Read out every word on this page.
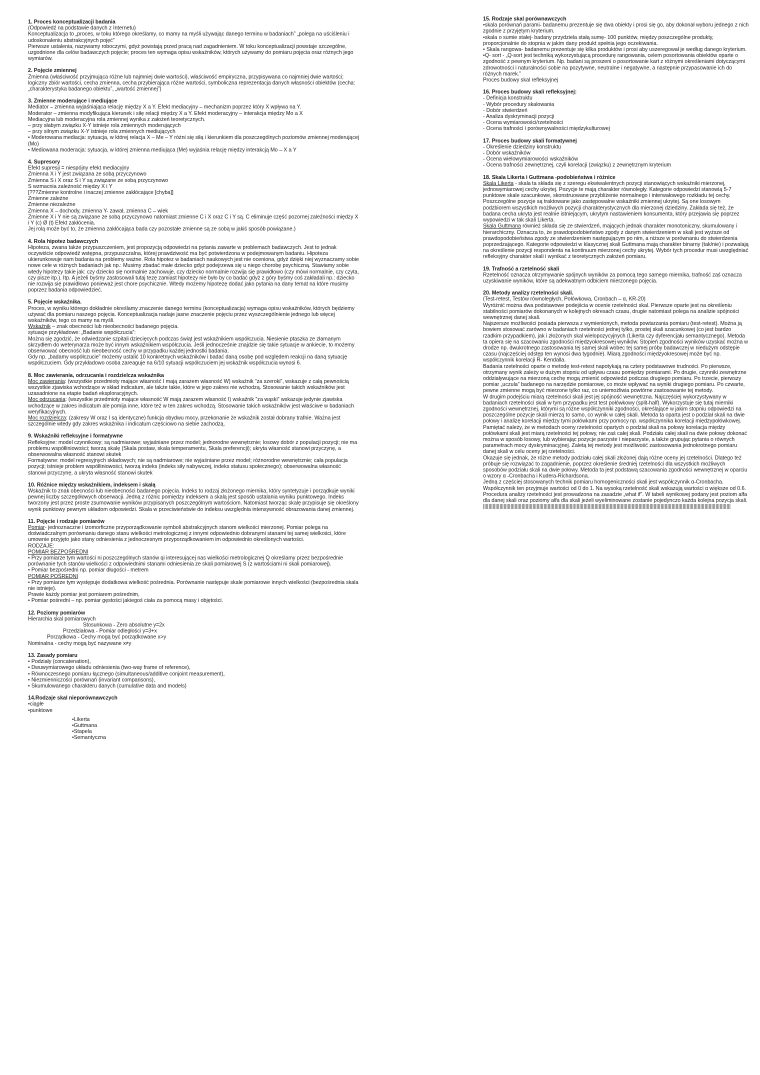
1. Proces konceptualizacji badania

(Odpowiedź na podstawie danych z Internetu)

Konceptualizacja to „proces, w toku którego określamy, co mamy na myśli używając danego terminu w badaniach” „polega na uściśleniu i udoskonaleniu abstrakcyjnych pojęć”

Pierwsze ustalenia, nazywamy roboczymi, gdyż powstają przed pracą nad zagadnieniem. W toku konceptualizacji powstaje szczególne, uzgodnione dla celów badawczych pojęcie; proces ten wymaga opisu wskaźników, których używamy do pomiaru pojęcia oraz różnych jego wymiarów.

2. Pojęcie zmiennej

Zmienna (właściwość przyjmująca różne lub najmniej dwie wartości), właściwość empiryczna, przypisywana co najmniej dwie wartości; logiczny zbiór wartości, cecha zmienna, cecha przybierająca różne wartości, symboliczna reprezentacja danych własności obiektów (cecha: „charakterystyka badanego obiektu”, „wartość zmiennej”)

3. Zmienne moderujące i mediujące

Mediator – zmienna wyjaśniająca relację między X a Y. Efekt mediacyjny – mechanizm poprzez który X wpływa na Y.

Moderator – zmienna modyfikująca kierunek i siłę relacji między X a Y. Efekt moderacyjny – interakcja między Mo a X

Mediacyjna lub moderacyjna rola zmiennej wynika z założeń teoretycznych.

– przy słabym związku X-Y istnieje rola zmiennych moderujących

– przy silnym związku X-Y istnieje rola zmiennych mediujących

• Moderowana mediacja: sytuacja, w której relacja X – Me – Y różni się siłą i kierunkiem dla poszczególnych poziomów zmiennej moderującej (Mo)

• Mediowana moderacja: sytuacja, w której zmienna mediująca (Me) wyjaśnia relację między interakcją Mo – X a Y

4. Supresory

Efekt supresji = niespójny efekt mediacyjny

Zmienna X i Y jest związana ze sobą przyczynowo

Zmienna S i X oraz S i Y są związane ze sobą przyczynowo

S wzmacnia zależność między X i Y

[???Zmienne kontrolne i inaczej zmienne zakłócające [chyba]]

Zmienne zależne

Zmienne niezależne

Zmienna X – dochody, zmienna Y- zawał, zmienna C – wiek

Zmienne X i Y nie są związane ze sobą przyczynowo natomiast zmienne C i X oraz C i Y są. C eliminuje część pozornej zależności między X i Y (c) Ø (t) Efekt zakłócenia.

Jej rolą może być to, że zmienna zakłócająca bada czy pozostałe zmienne są ze sobą w jakiś sposób powiązane.)

4. Rola hipotez badawczych

Hipoteza, zwana także przypuszczeniem, jest propozycją odpowiedzi na pytania zawarte w problemach badawczych. Jest to jednak oczywiście odpowiedź wstępna, przypuszczalna, której prawdziwość ma być potwierdzona w podejmowanym badaniu. Hipoteza ukierunkowuje nam badania na problemy ważne. Rola hipotez w badaniach naukowych jest nie oceniona, gdyż dzięki niej wyznaczamy sobie nowe cele w różnych badaniach jak np.: Musimy zbadać małe dziecko gdyż podejrzewa się u niego chorobę psychiczną. Stawiamy sobie wtedy hipotezy takie jak: czy dziecko się normalnie zachowuje, czy dziecko normalnie rozwija się prawidłowo (czy mówi normalnie, czy czyta, czy pisze itp.). Itp. A jeżeli byśmy zastosowali tutaj tezę zamiast hipotezy nie było by co badać gdyż z góry byśmy coś zakładali np.: dziecko nie rozwija się prawidłowo ponieważ jest chore psychicznie. Wtedy możemy hipotezę dodać jako pytania na dany temat na które musimy poprzez badania odpowiedzieć.

5. Pojęcie wskaźnika.

Proces, w wyniku którego dokładnie określamy znaczenie danego terminu (konceptualizacja) wymaga opisu wskaźników, których będziemy używać dla pomiaru naszego pojęcia. Konceptualizacja nadaje jasne znaczenie pojęciu przez wyszczególnienie jednego lub więcej wskaźników, tego co mamy na myśli.

Wskaźnik – znak obecności lub nieobecności badanego pojęcia.

sytuacje przykładowe: „Badanie współczucia”:

Można się zgodzić, że odwiedzanie szpitali dziecięcych podczas świąt jest wskaźnikiem współczucia. Niesienie ptaszka ze złamanym skrzydłem do weterynarza może być innym wskaźnikiem współczucia. Jeśli jednocześnie znajdzie się takie sytuacje w ankiecie, to możemy obserwować obecność lub nieobecność cechy w przypadku każdej jednostki badania.

Gdy np. „badamy współczucie” możemy ustalić 10 konkretnych wskaźników i badać daną osobę pod względem reakcji na daną sytuację współczuciem. Gdy przykładowo osoba zareaguje na 6/10 sytuacji współczuciem jej wskaźnik współczucia wynosi 6.

8. Moc zawierania, odrzucania i rozdzielcza wskaźnika

Moc zawierania: (wszystkie przedmioty mające własność I mają zarazem własność W) wskaźnik ”za szeroki”, wskazuje z całą pewnością wszystkie zjawiska wchodzące w skład indicatum, ale także takie, które w jego zakres nie wchodzą. Stosowanie takich wskaźników jest uzasadnione na etapie badań eksploracyjnych.

Moc odrzucania: (wszystkie przedmioty mające własność W mają zarazem własność I) wskaźnik ”za wąski” wskazuje jedynie zjawiska wchodzące w zakres indicatum ale pomija inne, które też w ten zakres wchodzą. Stosowanie takich wskaźników jest właściwe w badaniach weryfikacyjnych.

Moc rozdzielcza: (zakresy W oraz I są identyczne) funkcja obydwu mocy, przekonanie że wskaźnik został dobrany trafnie. Ważna jest szczególnie wtedy gdy zakres wskaźnika i indicatum częściowo na siebie zachodzą.

9. Wskaźniki refleksyjne i formatywne

Refleksyjne: model czynnikowy; są nadmiarowe; wyjaśniane przez model; jednorodne wewnętrznie; losowy dobór z populacji pozycji; nie ma problemu współliniowości; tworzą skalę (Skala postaw, skala temperamentu, Skala preferencji); ukryta własność stanowi przyczynę, a obserwowalna własność stanowi skutek

Formatywne: model regresyjnych składowych; nie są nadmiarowe; nie wyjaśniane przez model; różnorodne wewnętrznie; cała populacja pozycji; istnieje problem współliniowości, tworzą indeks (indeks siły nabywczej, indeks statusu społecznego); obserwowalna własność stanowi przyczynę, a ukryta własność stanowi skutek

10. Różnice między wskaźnikiem, indeksem i skalą

Wskaźnik to znak obecności lub nieobecności badanego pojęcia. Indeks to rodzaj złożonego miernika, który syntetyzuje i porządkuje wyniki pewnej liczby szczegółowych obserwacji. Jedną z różnic pomiędzy indeksem a skalą jest sposób ustalania wyniku punktowego. Indeks tworzony jest przez proste zsumowanie wyników przypisanych poszczególnym wartościom. Natomiast tworząc skalę przypisuje się określony wynik punktowy pewnym układom odpowiedzi. Skala w przeciwieństwie do indeksu uwzględnia intensywność obrazowania danej zmiennej.

11. Pojęcie i rodzaje pomiarów

Pomiar- jednoznaczne i izomorficzne przyporządkowanie symboli abstrakcyjnych stanom wielkości mierzonej. Pomiar polega na doświadczalnym porównaniu danego stanu wielkości metrologicznej z innymi odpowiednio dobranymi stanami tej samej wielkości, które umownie przyjęto jako stany odniesienia z jednoczesnym przyporządkowaniem im odpowiednio określonych wartości.

RODZAJE:

POMIAR BEZPOŚREDNI

• Przy pomiarze tym wartości ni poszczególnych stanów qi interesującej nas wielkości metrologicznej Q określamy przez bezpośrednie porównanie tych stanów wielkości z odpowiednimi stanami odniesienia ze skali pomiarowej S (z wartościami ni skali pomiarowej).

• Pomiar bezpośredni np. pomiar długości - metrem

POMIAR POŚREDNI

• Przy pomiarze tym występuje dodatkowa wielkość pośrednia. Porównanie następuje skale pomiarowe innych wielkości (bezpośrednia skala nie istnieje).

Prawie każdy pomiar jest pomiarem pośrednim,

• Pomiar pośredni – np. pomiar gęstości jakiegoś ciała za pomocą masy i objętości.

12. Poziomy pomiarów

Hierarchia skal pomiarowych

Stosunkowa - Zero absolutne y=2x
Przedziałowa - Pomiar odległości y=3+x
Porządkowa - Cechy mogą być porządkowane x>y
Nominalna - cechy mogą być nazywane x≠y
13. Zasady pomiaru

• Podziały (concatenation),

• Dwuwymiarowego układu odniesienia (two-way frame of reference),

• Równoczesnego pomiaru łącznego (simultaneous/additive conjoint measurement),

• Niezmienniczości porównań (invariant comparisons),

• Skumulowanego charakteru danych (cumulative data and models)

14.Rodzaje skal nieporównawczych

•ciągłe

•punktowe

•Likerta
•Guttmana
•Stapela
•Semantyczna
15. Rodzaje skal porównawczych

•skala porównań parami- badanemu prezentuje się dwa obiekty i prosi się go, aby dokonał wyboru jednego z nich zgodnie z przyjętym kryterium.

•skala o sumie stałej- badany przydziela stałą sumę- 100 punktów, między poszczególne produkty, proporcjonalnie do stopnia w jakim dany produkt spełnia jego oczekiwania.

• Skala rangowa- badanemu prezentuje się kilka produktów i prosi aby uszeregował je według danego kryterium.

•Q- sort - „Q-sort jest techniką wykorzystującą procedurę rangowania, celem posortowania obiektów oparte o zgodność z pewnym kryterium. Np. badani są proszeni o posortowanie kart z różnymi określeniami dotyczącymi zdrowotności i naturalności sobie na pozytywne, neutralne i negatywne, a następnie przypasowanie ich do różnych marek.”

Proces budowy skal refleksyjnej

16. Proces budowy skali refleksyjnej:

- Definicja konstruktu

- Wybór procedury skalowania

- Dobór stwierdzeń

- Analiza dyskryminacji pozycji

- Ocena wymiarowości/rzetelności

- Ocena trafności i porównywalności międzykulturowej

17. Proces budowy skali formatywnej

- Określenie dziedziny konstruktu

- Dobór wskaźników

- Ocena wielowymiarowości wskaźników

- Ocena trafności zewnętrznej, czyli korelacji (związku) z zewnętrznym kryterium

18. Skala Likerta i Guttmana -podobieństwa i różnice

Skala Likerta - skala ta składa się z szeregu ekwiwalentnych pozycji stanowiących wskaźniki mierzonej, jednowymiarowej cechy ukrytej. Pozycje te mają charakter równoległy. Kategorie odpowiedzi stanowią 5-7 punktowe skale szacunkowe, skonstruowane przybliżenie normalnego i interwałowego rozkładu tej cechy. Poszczególne pozycje są traktowane jako zastępowalne wskaźniki zmiennej ukrytej. Są one losowym podzbiorem wszystkich możliwych pozycji charakterystycznych dla mierzonej dziedziny. Zakłada się też, że badana cecha ukryta jest realnie istniejącym, ukrytym nastawieniem konsumenta, który przejawia się poprzez wypowiedzi w tak skali Likerta.

Skala Guttmana również składa się ze stwierdzeń, mających jednak charakter monotoniczny, skumulowany i hierarchiczny. Oznacza to, że prawdopodobieństwo zgody z danym stwierdzeniem w skali jest wyższe od prawdopodobieństwa zgody ze stwierdzeniem następującym po nim, a niższe w porównaniu do stwierdzenia poprzedzającego. Kategorie odpowiedzi w klasycznej skali Guttmana mają charakter binarny (tak/nie) i pozwalają na określenie pozycji respondenta na kontinuum mierzonej cechy ukrytej. Wybór tych procedur musi uwzględniać refleksyjny charakter skali i wynikać z teoretycznych założeń pomiaru.

19. Trafność a rzetelność skali

Rzetelność oznacza otrzymywanie spójnych wyników za pomocą tego samego miernika, trafność zaś oznacza uzyskiwanie wyników, które są adekwatnym odbiciem mierzonego pojęcia.

20. Metody analizy rzetelności skali.

(Test-retest, Testów równoległych, Połówkowa, Cronbach – α, KR-20)

Wyróżnić można dwa podstawowe podejścia w ocenie rzetelności skal. Pierwsze oparte jest na określeniu stabilności pomiarów dokonanych w kolejnych okresach czasu, drugie natomiast polega na analizie spójności wewnętrznej danej skali.

Najszersze możliwości posiada pierwsza z wymienionych, metoda powtarzania pomiaru (test-retest). Można ją bowiem stosować zarówno w badaniach rzetelności jednej tylko, prostej skali szacunkowej (co jest bardzo rzadkim przypadkiem), jak i złożonych skal wielopozycyjnych (Likerta czy dyferencjału semantycznego). Metoda ta opiera się na szacowaniu zgodności międzyokresowej wyników. Stopień zgodności wyników uzyskać można w drodze np. dwukrotnego zastosowania tej samej skali wobec tej samej próby badawczej w niedużym odstępie czasu (najczęściej odstęp ten wynosi dwa tygodnie). Miarą zgodności międzyokresowej może być np. współczynnik korelacji R- Kendalla.

Badania rzetelności oparte o metodę test-retest napotykają na cztery podstawowe trudności. Po pierwsze, otrzymany wynik zależy w dużym stopniu od upływu czasu pomiędzy pomiarami. Po drugie, czynniki zewnętrzne oddziaływujące na mierzoną cechę mogą zmienić odpowiedzi podczas drugiego pomiaru. Po trzecie, pierwszy pomiar „uczula” badanego na narzędzie pomiarowe, co może wpływać na wyniki drugiego pomiaru. Po czwarte, pewne zmienne mogą być mierzone tylko raz, co uniemożliwia powtórne zastosowanie tej metody.

W drugim podejściu miarą rzetelności skali jest jej spójność wewnętrzna. Najczęściej wykorzystywany w badaniach rzetelności skali w tym przypadku jest test połówkowy (split-half). Wykorzystuje się tutaj mierniki zgodności wewnętrznej, którymi są różne współczynniki zgodności, określające w jakim stopniu odpowiedzi na poszczególne pozycje skali mierzą to samo, co wynik w całej skali. Metoda ta oparta jest o podział skali na dwie połowy i analizę korelacji między tymi połówkami przy pomocy np. współczynnika korelacji międzypołówkowej. Pamiętać należy, że w metodach oceny rzetelności opartych o podział skali na połowy korelacja między połówkami skali jest miarą rzetelności tej połowy, nie zaś całej skali. Podziału całej skali na dwie połowy dokonać można w sposób losowy, lub wybierając pozycje parzyste i nieparzyste, a także grupując pytania o równych parametrach mocy dyskryminacyjnej. Zaletą tej metody jest możliwość zastosowania jednokrotnego pomiaru danej skali w celu oceny jej rzetelności.

Okazuje się jednak, że różne metody podziału całej skali złożonej dają różne oceny jej rzetelności. Dlatego też próbuje się rozwiązać to zagadnienie, poprzez określenie średniej rzetelności dla wszystkich możliwych sposobów podziału skali na dwie połowy. Metoda ta jest podstawą szacowania zgodności wewnętrznej w oparciu o wzory α -Cronbacha i Kudera-Richardsona.

Jedną z częściej stosowanych technik pomiaru homogeniczności skali jest współczynnik α-Cronbacha. Współczynnik ten przyjmuje wartości od 0 do 1. Na wysoką rzetelność skali wskazują wartości α większe od 0.6. Procedura analizy rzetelności jest prowadzona na zasadzie „what if”. W tabeli wynikowej podany jest poziom alfa dla danej skali oraz poziomy alfa dla skali jeżeli wyeliminowane zostanie pojedynczo każda kolejna pozycja skali.

||||||||||||||||||||||||||||||||||||||||||||||||||||||||||||||||||||||||||||||||||||||||||||||||||||||||||||||||||||||||||||||||||||||||||||||||||||||||||||||||||||||||||||||||||||
